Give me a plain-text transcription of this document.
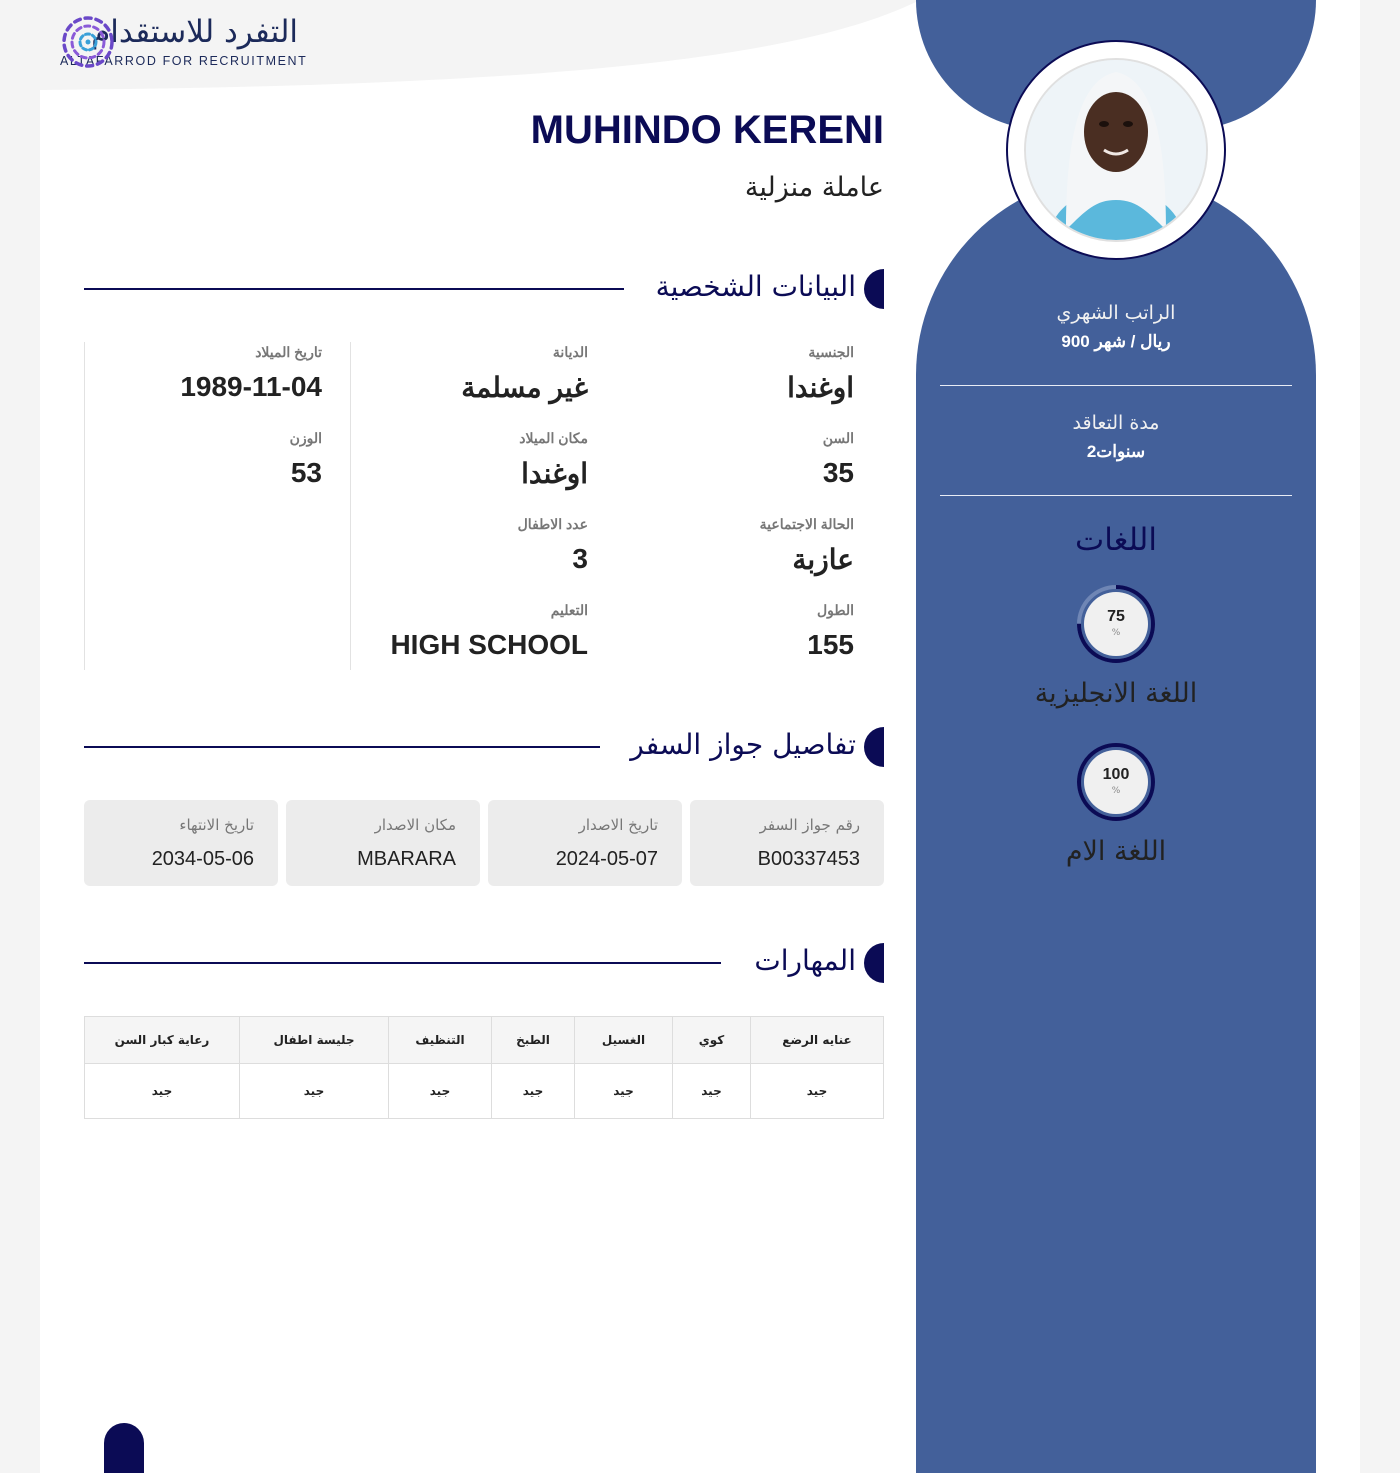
التفرد للاستقدام
ALTAFARROD FOR RECRUITMENT
MUHINDO KERENI
عاملة منزلية
البيانات الشخصية
الجنسية
اوغندا
السن
35
الحالة الاجتماعية
عازبة
الطول
155
الديانة
غير مسلمة
مكان الميلاد
اوغندا
عدد الاطفال
3
التعليم
HIGH SCHOOL
تاريخ الميلاد
1989-11-04
الوزن
53
تفاصيل جواز السفر
رقم جواز السفر
B00337453
تاريخ الاصدار
2024-05-07
مكان الاصدار
MBARARA
تاريخ الانتهاء
2034-05-06
المهارات
عنايه الرضع	كوي	الغسيل	الطبخ	التنظيف	جليسة اطفال	رعاية كبار السن
جيد	جيد	جيد	جيد	جيد	جيد	جيد
الراتب الشهري
900 ريال / شهر
مدة التعاقد
2سنوات
اللغات
75
%
اللغة الانجليزية
100
%
اللغة الام
